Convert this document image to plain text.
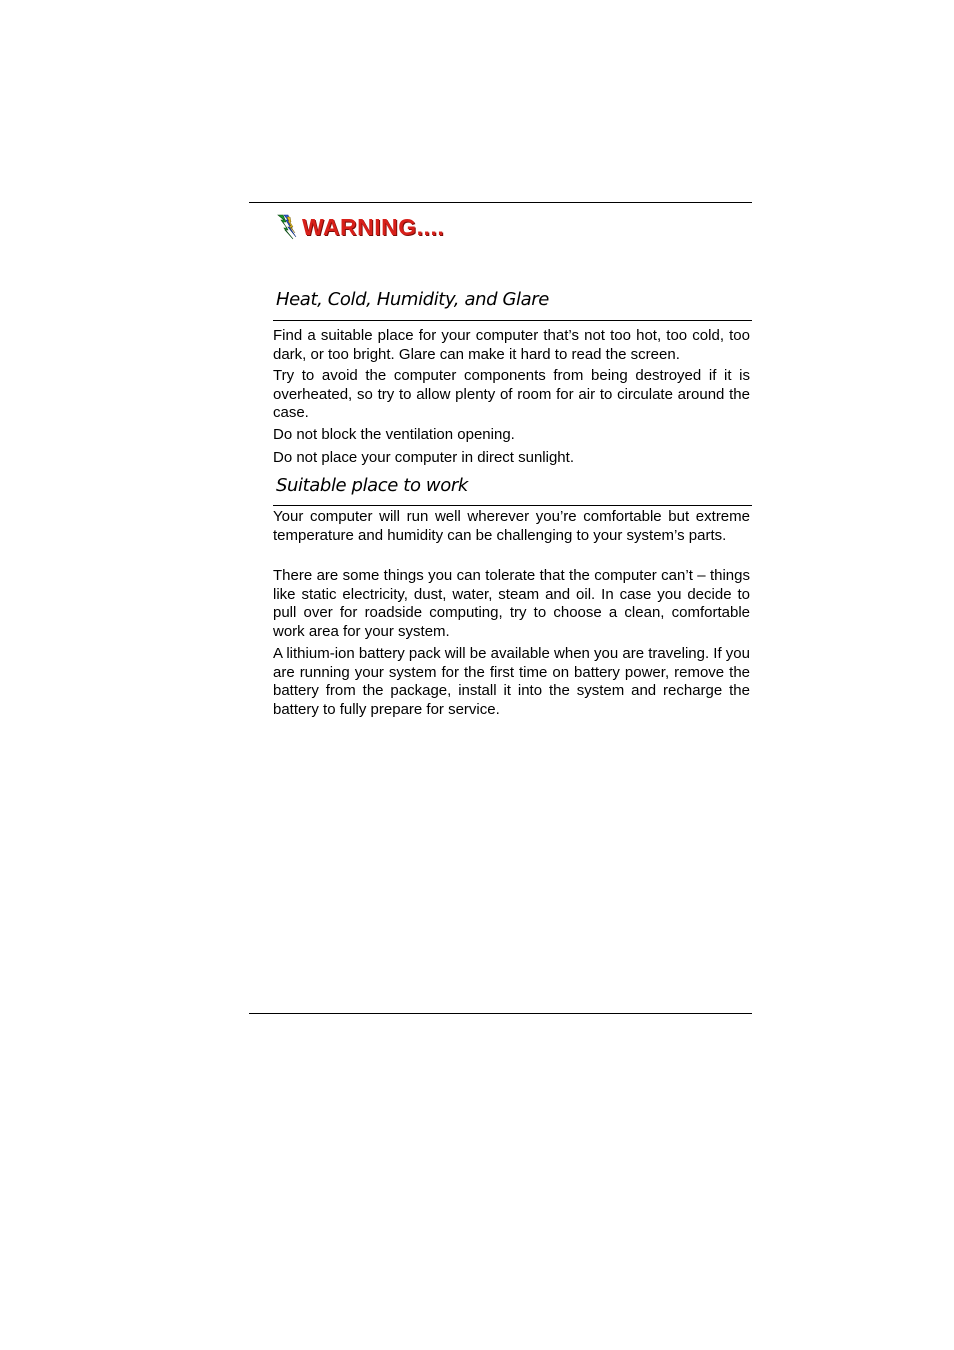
WARNING....
Heat, Cold, Humidity, and Glare

Find a suitable place for your computer that’s not too hot, too cold, too dark, or too bright. Glare can make it hard to read the screen.

Try to avoid the computer components from being destroyed if it is overheated, so try to allow plenty of room for air to circulate around the case.

Do not block the ventilation opening.

Do not place your computer in direct sunlight.

Suitable place to work

Your computer will run well wherever you’re comfortable but extreme temperature and humidity can be challenging to your system’s parts.

There are some things you can tolerate that the computer can’t – things like static electricity, dust, water, steam and oil. In case you decide to pull over for roadside computing, try to choose a clean, comfortable work area for your system.

A lithium-ion battery pack will be available when you are traveling. If you are running your system for the first time on battery power, remove the battery from the package, install it into the system and recharge the battery to fully prepare for service.
